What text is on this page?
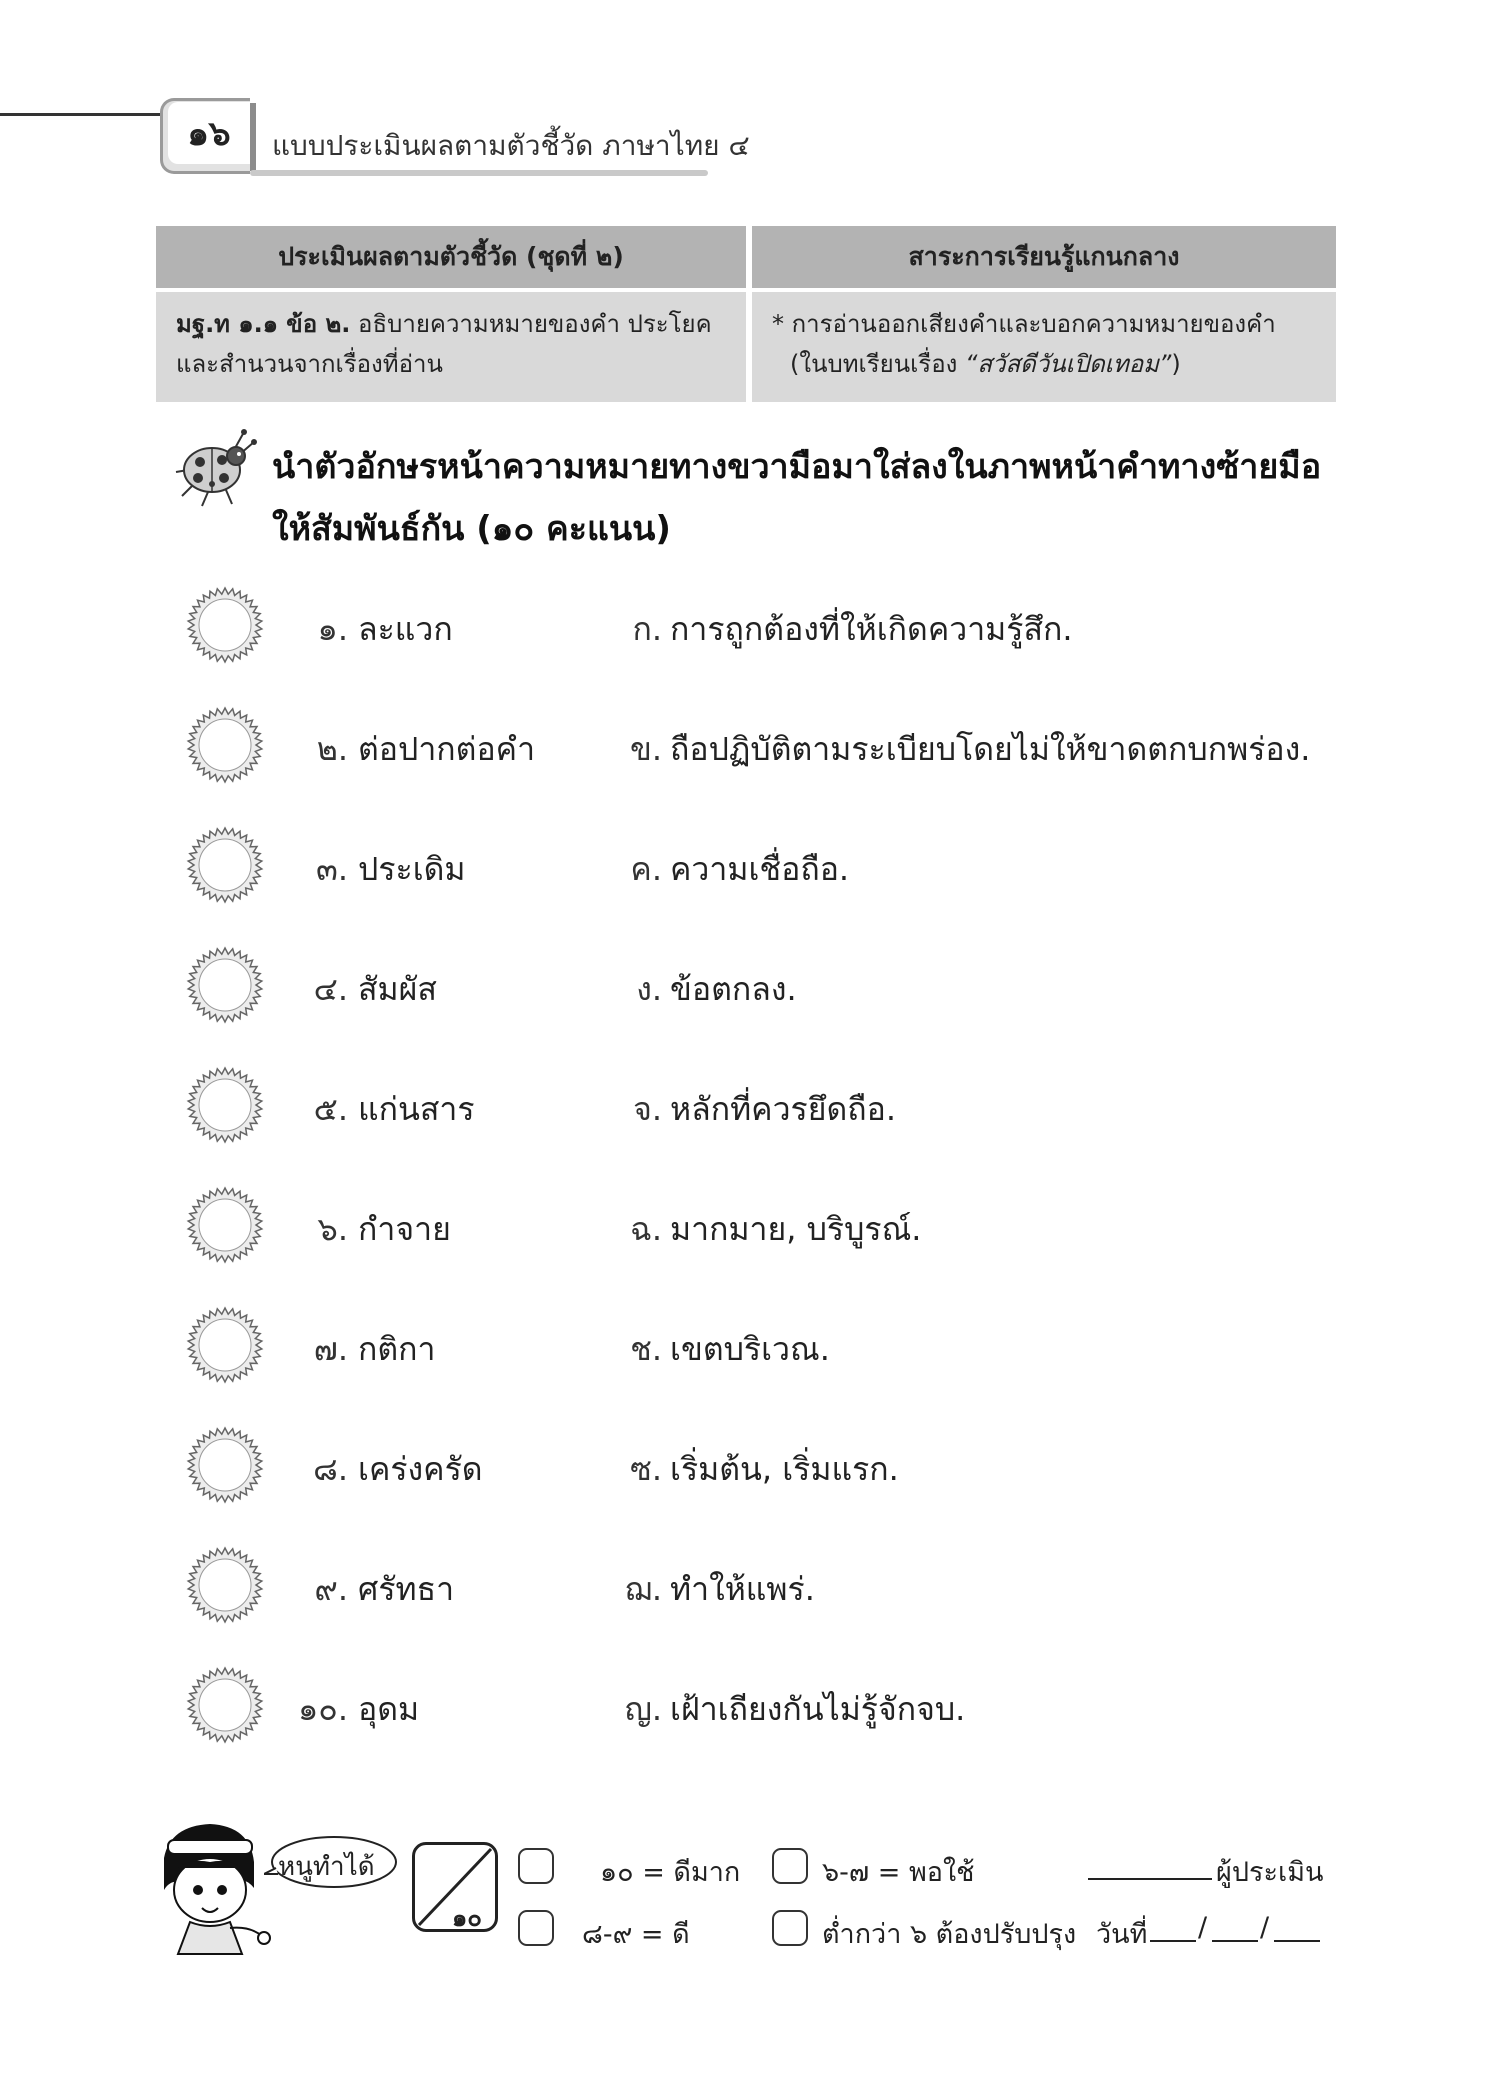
๑๖	แบบประเมินผลตามตัวชี้วัด ภาษาไทย ๔
ประเมินผลตามตัวชี้วัด (ชุดที่ ๒)	สาระการเรียนรู้แกนกลาง
มฐ.ท ๑.๑ ข้อ ๒. อธิบายความหมายของคำ ประโยค
และสำนวนจากเรื่องที่อ่าน
* การอ่านออกเสียงคำและบอกความหมายของคำ
(ในบทเรียนเรื่อง “สวัสดีวันเปิดเทอม”)
นำตัวอักษรหน้าความหมายทางขวามือมาใส่ลงในภาพหน้าคำทางซ้ายมือ
ให้สัมพันธ์กัน (๑๐ คะแนน)
๑. ละแวก	ก. การถูกต้องที่ให้เกิดความรู้สึก.
๒. ต่อปากต่อคำ	ข. ถือปฏิบัติตามระเบียบโดยไม่ให้ขาดตกบกพร่อง.
๓. ประเดิม	ค. ความเชื่อถือ.
๔. สัมผัส	ง. ข้อตกลง.
๕. แก่นสาร	จ. หลักที่ควรยึดถือ.
๖. กำจาย	ฉ. มากมาย, บริบูรณ์.
๗. กติกา	ช. เขตบริเวณ.
๘. เคร่งครัด	ซ. เริ่มต้น, เริ่มแรก.
๙. ศรัทธา	ฌ. ทำให้แพร่.
๑๐. อุดม	ญ. เฝ้าเถียงกันไม่รู้จักจบ.
หนูทำได้
๑๐
๑๐ = ดีมาก
๘-๙ = ดี
๖-๗ = พอใช้
ต่ำกว่า ๖ ต้องปรับปรุง
ผู้ประเมิน
วันที่ / /
